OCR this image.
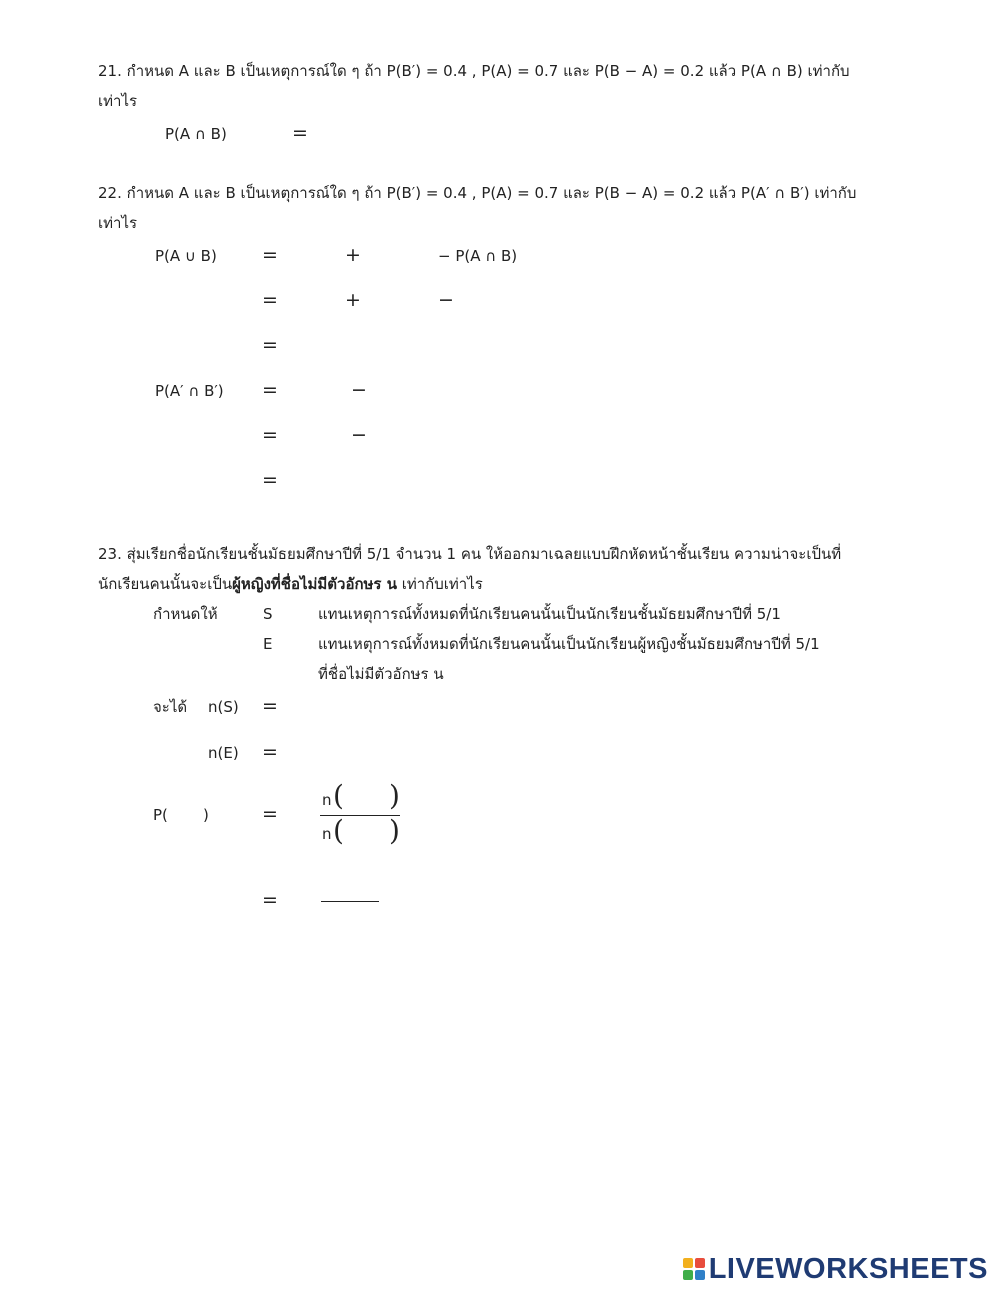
21. กำหนด A และ B เป็นเหตุการณ์ใด ๆ ถ้า P(B′) = 0.4 , P(A) = 0.7 และ P(B − A) = 0.2 แล้ว P(A ∩ B) เท่ากับ
เท่าไร
P(A ∩ B)	=
22. กำหนด A และ B เป็นเหตุการณ์ใด ๆ ถ้า P(B′) = 0.4 , P(A) = 0.7 และ P(B − A) = 0.2 แล้ว P(A′ ∩ B′) เท่ากับ
เท่าไร
P(A ∪ B) =	+	− P(A ∩ B)
=	+	−
=
P(A′ ∩ B′) =	−
=	−
=
23. สุ่มเรียกชื่อนักเรียนชั้นมัธยมศึกษาปีที่ 5/1 จำนวน 1 คน ให้ออกมาเฉลยแบบฝึกหัดหน้าชั้นเรียน ความน่าจะเป็นที่
นักเรียนคนนั้นจะเป็นผู้หญิงที่ชื่อไม่มีตัวอักษร น เท่ากับเท่าไร
กำหนดให้	S	แทนเหตุการณ์ทั้งหมดที่นักเรียนคนนั้นเป็นนักเรียนชั้นมัธยมศึกษาปีที่ 5/1
E	แทนเหตุการณ์ทั้งหมดที่นักเรียนคนนั้นเป็นนักเรียนผู้หญิงชั้นมัธยมศึกษาปีที่ 5/1
ที่ชื่อไม่มีตัวอักษร น
จะได้ n(S) =
n(E) =
P( )	=
n ( )
n ( )
=
LIVEWORKSHEETS
